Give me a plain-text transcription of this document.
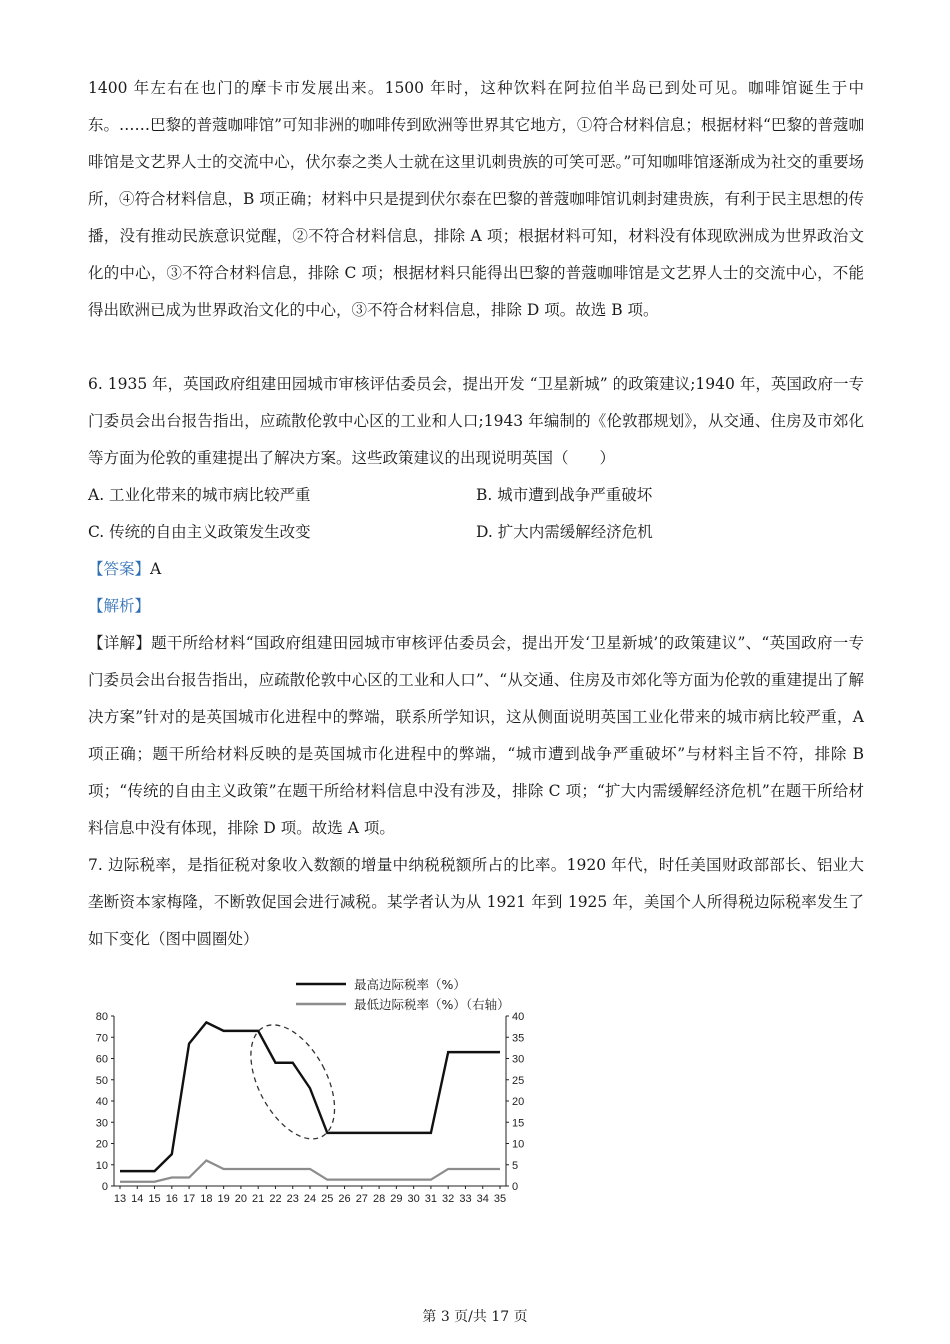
1400 年左右在也门的摩卡市发展出来。1500 年时，这种饮料在阿拉伯半岛已到处可见。咖啡馆诞生于中东。……巴黎的普蔻咖啡馆”可知非洲的咖啡传到欧洲等世界其它地方，①符合材料信息；根据材料“巴黎的普蔻咖啡馆是文艺界人士的交流中心，伏尔泰之类人士就在这里讥刺贵族的可笑可恶。”可知咖啡馆逐渐成为社交的重要场所，④符合材料信息，B 项正确；材料中只是提到伏尔泰在巴黎的普蔻咖啡馆讥刺封建贵族，有利于民主思想的传播，没有推动民族意识觉醒，②不符合材料信息，排除 A 项；根据材料可知，材料没有体现欧洲成为世界政治文化的中心，③不符合材料信息，排除 C 项；根据材料只能得出巴黎的普蔻咖啡馆是文艺界人士的交流中心，不能得出欧洲已成为世界政治文化的中心，③不符合材料信息，排除 D 项。故选 B 项。

6. 1935 年，英国政府组建田园城市审核评估委员会，提出开发 “卫星新城” 的政策建议;1940 年，英国政府一专门委员会出台报告指出，应疏散伦敦中心区的工业和人口;1943 年编制的《伦敦郡规划》，从交通、住房及市郊化等方面为伦敦的重建提出了解决方案。这些政策建议的出现说明英国（　　）

A. 工业化带来的城市病比较严重	B. 城市遭到战争严重破坏
C. 传统的自由主义政策发生改变	D. 扩大内需缓解经济危机

【答案】A

【解析】

【详解】题干所给材料“国政府组建田园城市审核评估委员会，提出开发‘卫星新城’的政策建议”、“英国政府一专门委员会出台报告指出，应疏散伦敦中心区的工业和人口”、“从交通、住房及市郊化等方面为伦敦的重建提出了解决方案”针对的是英国城市化进程中的弊端，联系所学知识，这从侧面说明英国工业化带来的城市病比较严重，A 项正确；题干所给材料反映的是英国城市化进程中的弊端，“城市遭到战争严重破坏”与材料主旨不符，排除 B 项；“传统的自由主义政策”在题干所给材料信息中没有涉及，排除 C 项；“扩大内需缓解经济危机”在题干所给材料信息中没有体现，排除 D 项。故选 A 项。

7. 边际税率，是指征税对象收入数额的增量中纳税税额所占的比率。1920 年代，时任美国财政部部长、铝业大垄断资本家梅隆，不断敦促国会进行减税。某学者认为从 1921 年到 1925 年，美国个人所得税边际税率发生了如下变化（图中圆圈处）

0
10
20
30
40
50
60
70
80
0
5
10
15
20
25
30
35
40
13 14 15 16 17 18 19 20 21 22 23 24 25 26 27 28 29 30 31 32 33 34 35
最高边际税率（%）
最低边际税率（%）（右轴）
第 3 页/共 17 页
